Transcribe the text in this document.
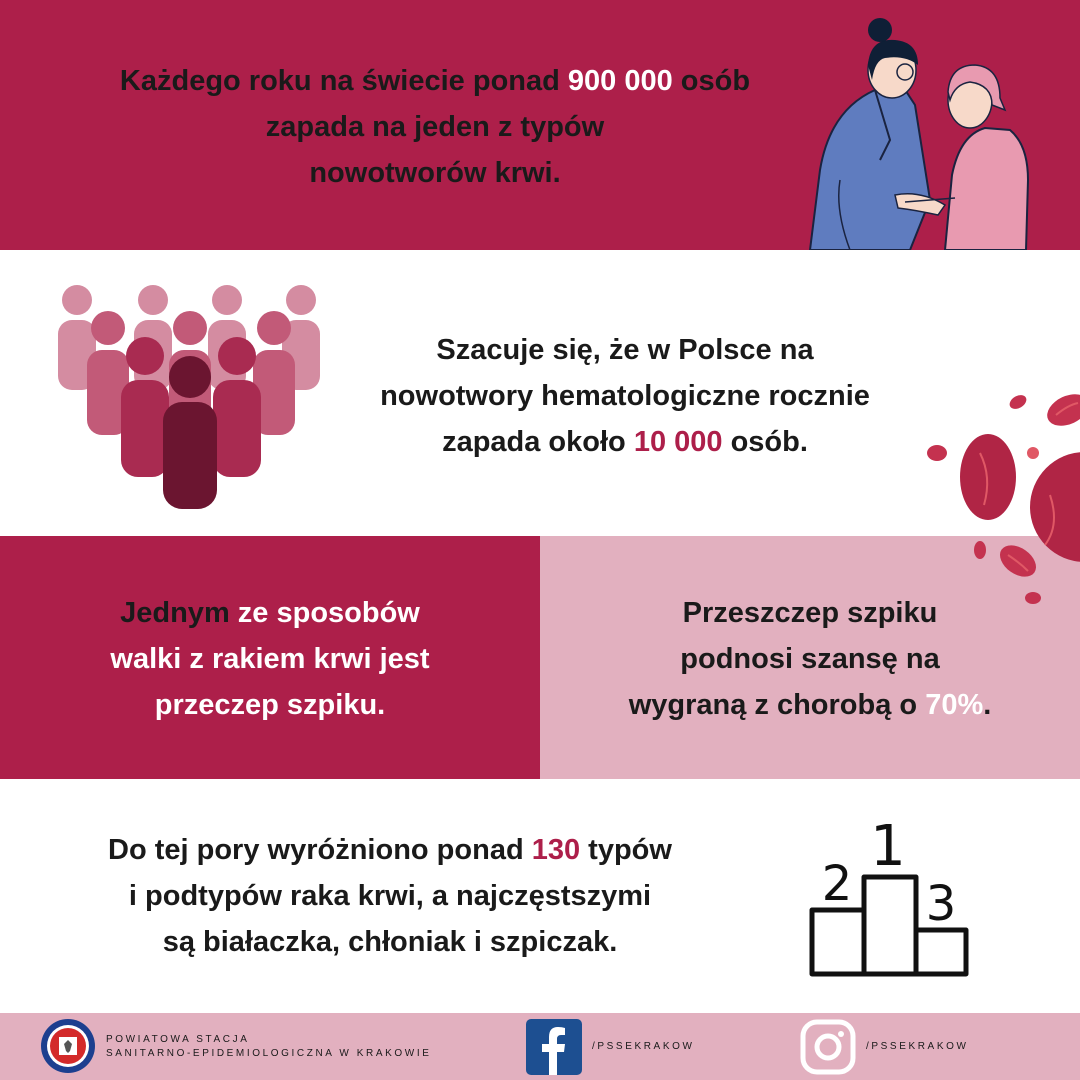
Każdego roku na świecie ponad 900 000 osób
zapada na jeden z typów
nowotworów krwi.
Szacuje się, że w Polsce na
nowotwory hematologiczne rocznie
zapada około 10 000 osób.
Jednym ze sposobów
walki z rakiem krwi jest
przeczep szpiku.
Przeszczep szpiku
podnosi szansę na
wygraną z chorobą o 70%.
Do tej pory wyróżniono ponad 130 typów
i podtypów raka krwi, a najczęstszymi
są białaczka, chłoniak i szpiczak.
1
2 3
POWIATOWA STACJA
SANITARNO-EPIDEMIOLOGICZNA W KRAKOWIE
/PSSEKRAKOW	/PSSEKRAKOW
